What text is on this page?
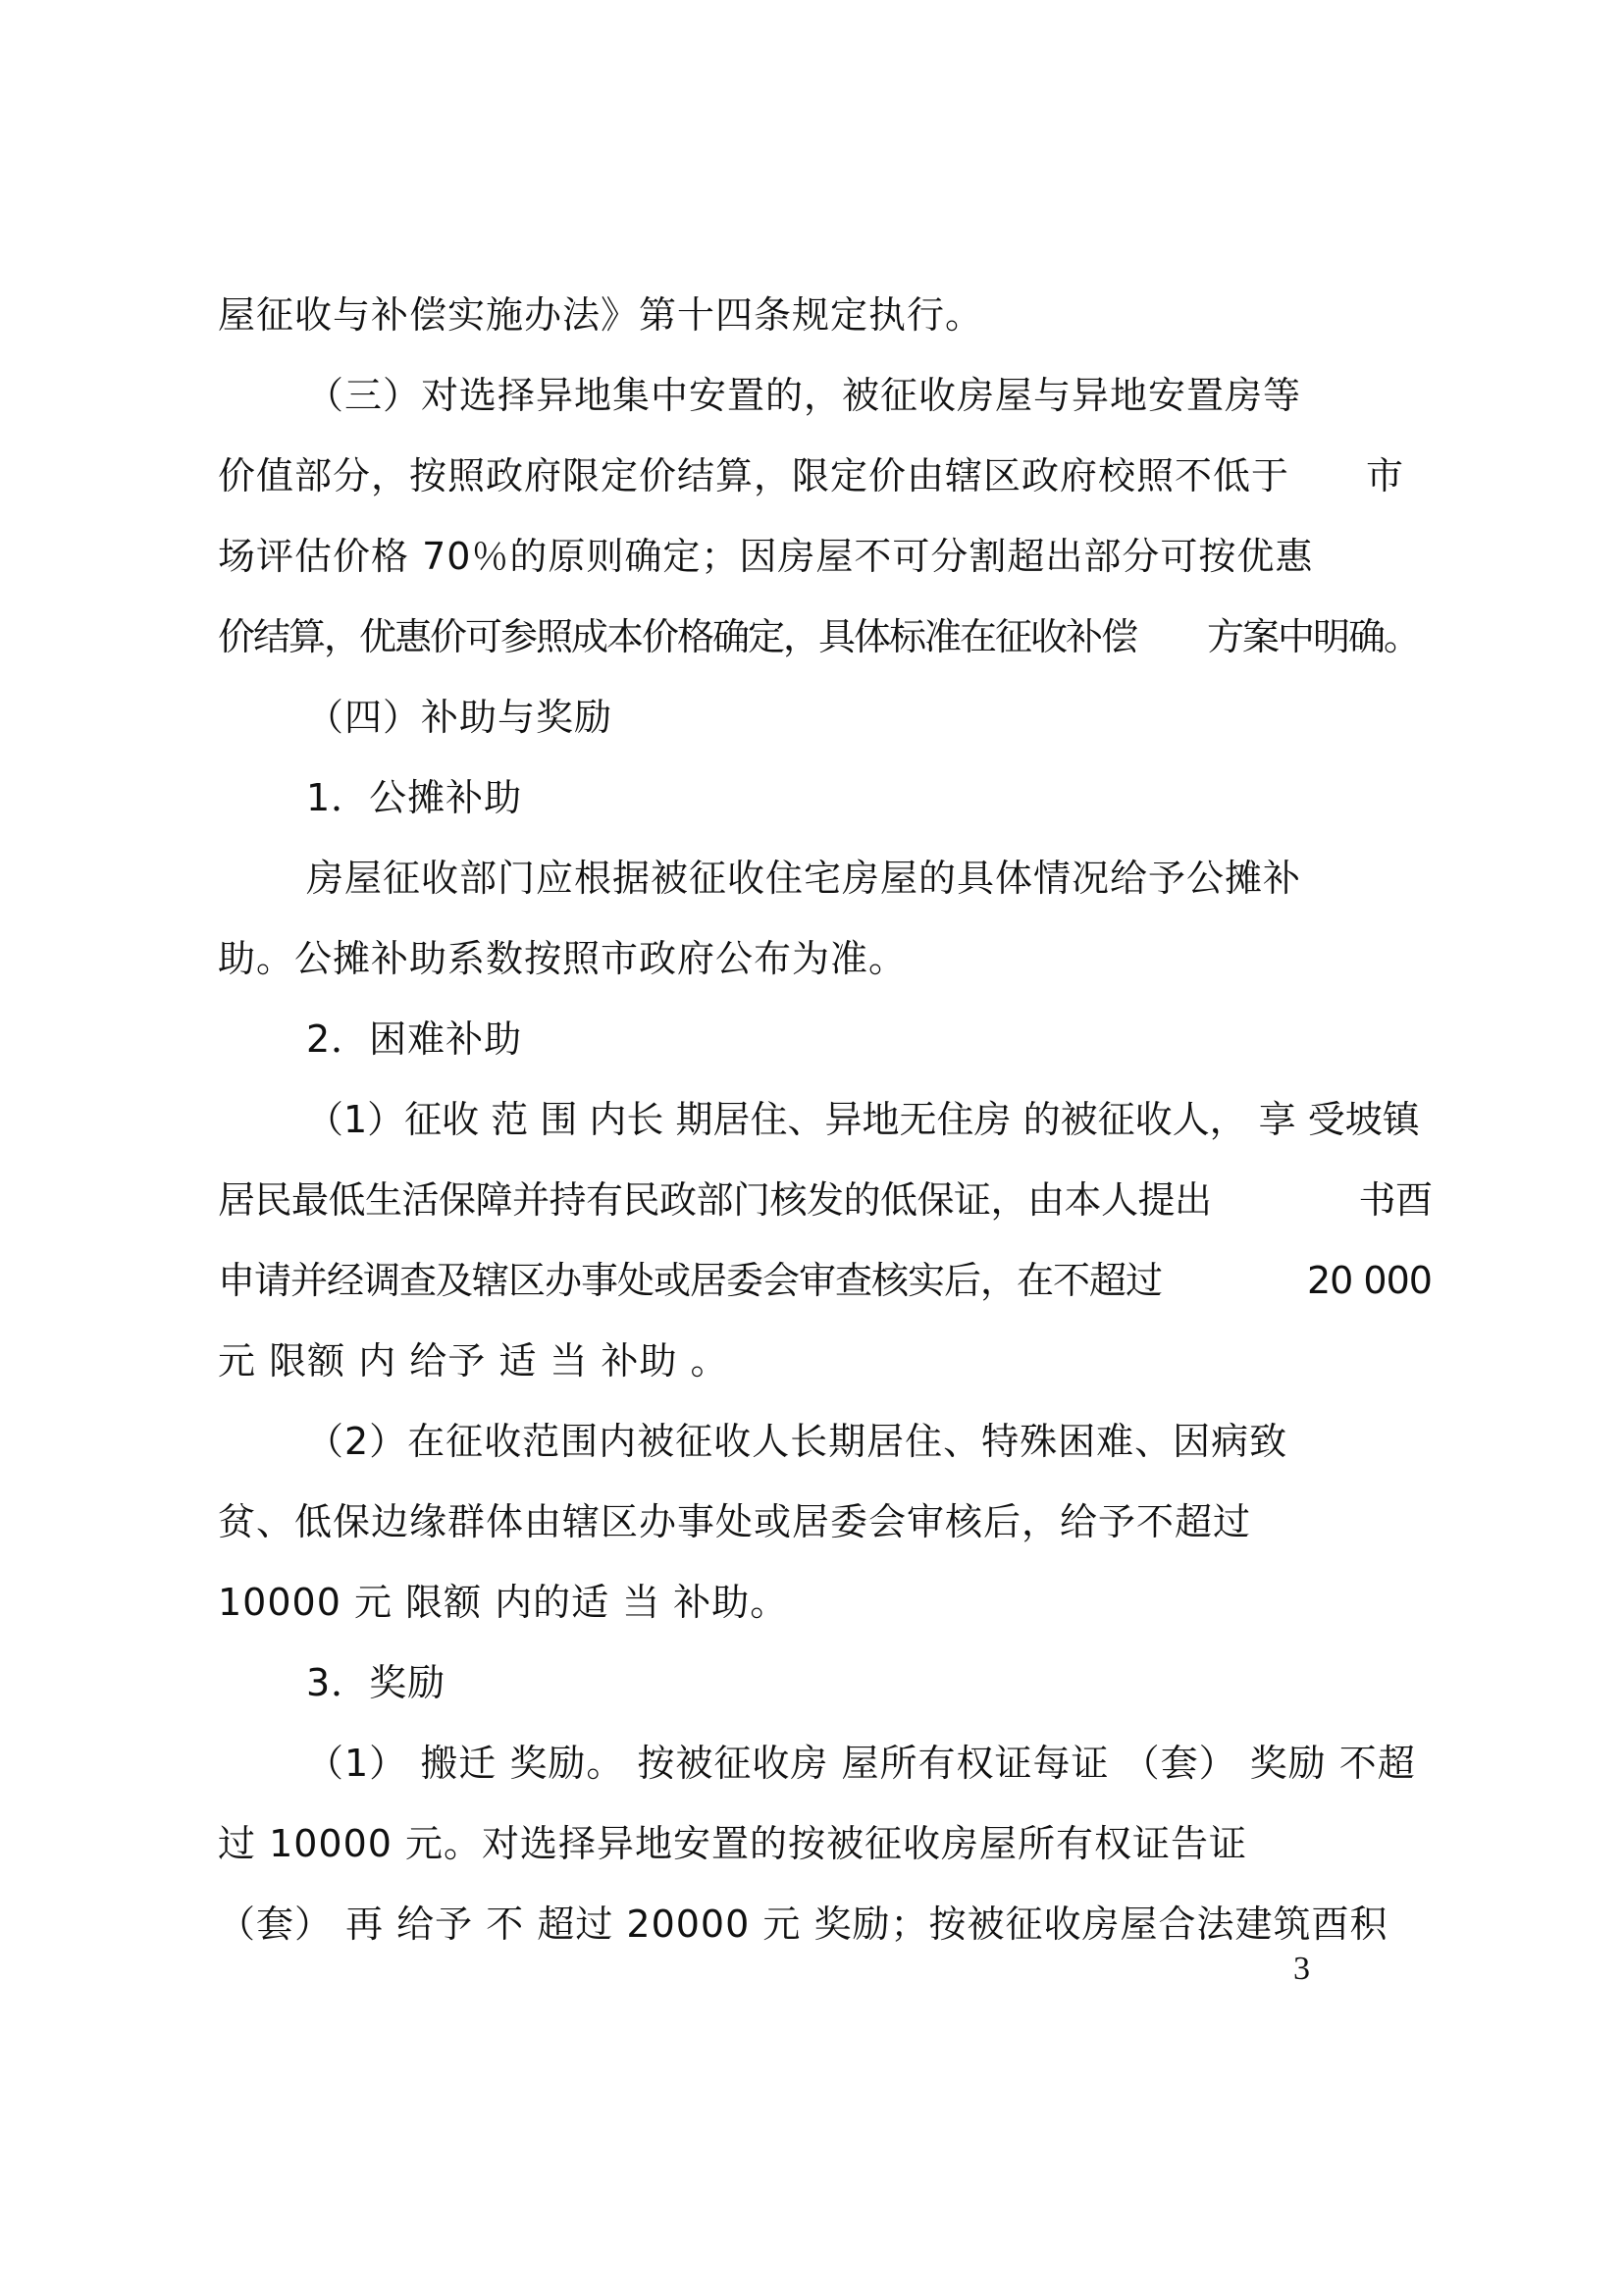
屋征收与补偿实施办法》第十四条规定执行。

（三）对选择异地集中安置的，被征收房屋与异地安置房等

价值部分，按照政府限定价结算，限定价由辖区政府校照不低于　　市

场评估价格 70％的原则确定；因房屋不可分割超出部分可按优惠

价结算，优惠价可参照成本价格确定，具体标准在征收补偿　　方案中明确。

（四）补助与奖励

1．公摊补助

房屋征收部门应根据被征收住宅房屋的具体情况给予公摊补

助。公摊补助系数按照市政府公布为准。

2．困难补助

（1）征收 范 围 内长 期居住、异地无住房 的被征收人， 享 受坡镇

居民最低生活保障并持有民政部门核发的低保证，由本人提出　　　　书酉

申请并经调查及辖区办事处或居委会审查核实后，在不超过　　　　20 000

元 限额 内 给予 适 当 补助 。

（2）在征收范围内被征收人长期居住、特殊困难、因病致

贫、低保边缘群体由辖区办事处或居委会审核后，给予不超过

10000 元 限额 内的适 当 补助。

3．奖励

（1） 搬迁 奖励。 按被征收房 屋所有权证每证 （套） 奖励 不超

过 10000 元。对选择异地安置的按被征收房屋所有权证告证

（套） 再 给予 不 超过 20000 元 奖励；按被征收房屋合法建筑酉积

3
